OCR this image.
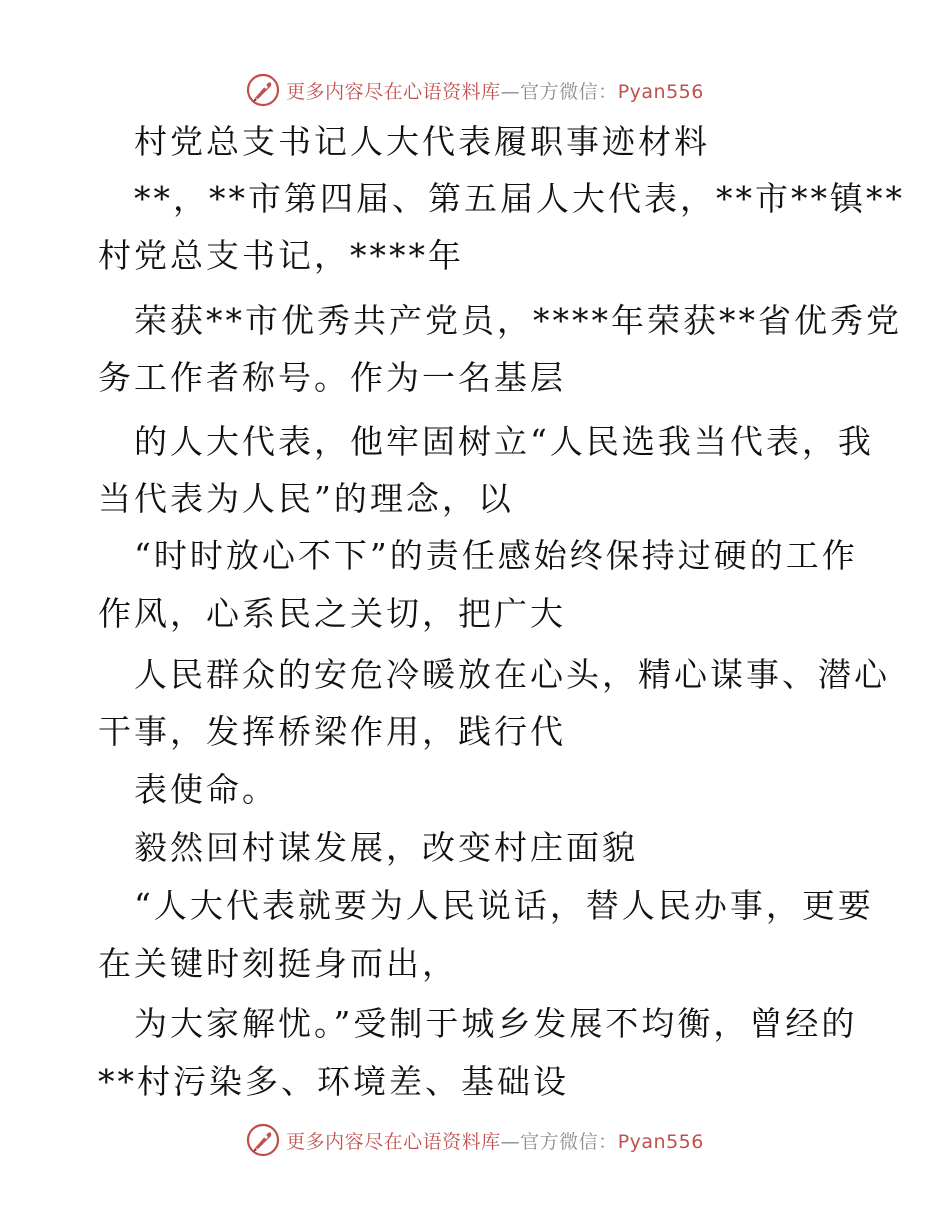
更多内容尽在心语资料库—官方微信：Pyan556
村党总支书记人大代表履职事迹材料
**，**市第四届、第五届人大代表，**市**镇**
村党总支书记，****年
荣获**市优秀共产党员，****年荣获**省优秀党
务工作者称号。作为一名基层
的人大代表，他牢固树立“人民选我当代表，我
当代表为人民”的理念，以
“时时放心不下”的责任感始终保持过硬的工作
作风，心系民之关切，把广大
人民群众的安危冷暖放在心头，精心谋事、潜心
干事，发挥桥梁作用，践行代
表使命。
毅然回村谋发展，改变村庄面貌
“人大代表就要为人民说话，替人民办事，更要
在关键时刻挺身而出，
为大家解忧。”受制于城乡发展不均衡，曾经的
**村污染多、环境差、基础设
更多内容尽在心语资料库—官方微信：Pyan556
